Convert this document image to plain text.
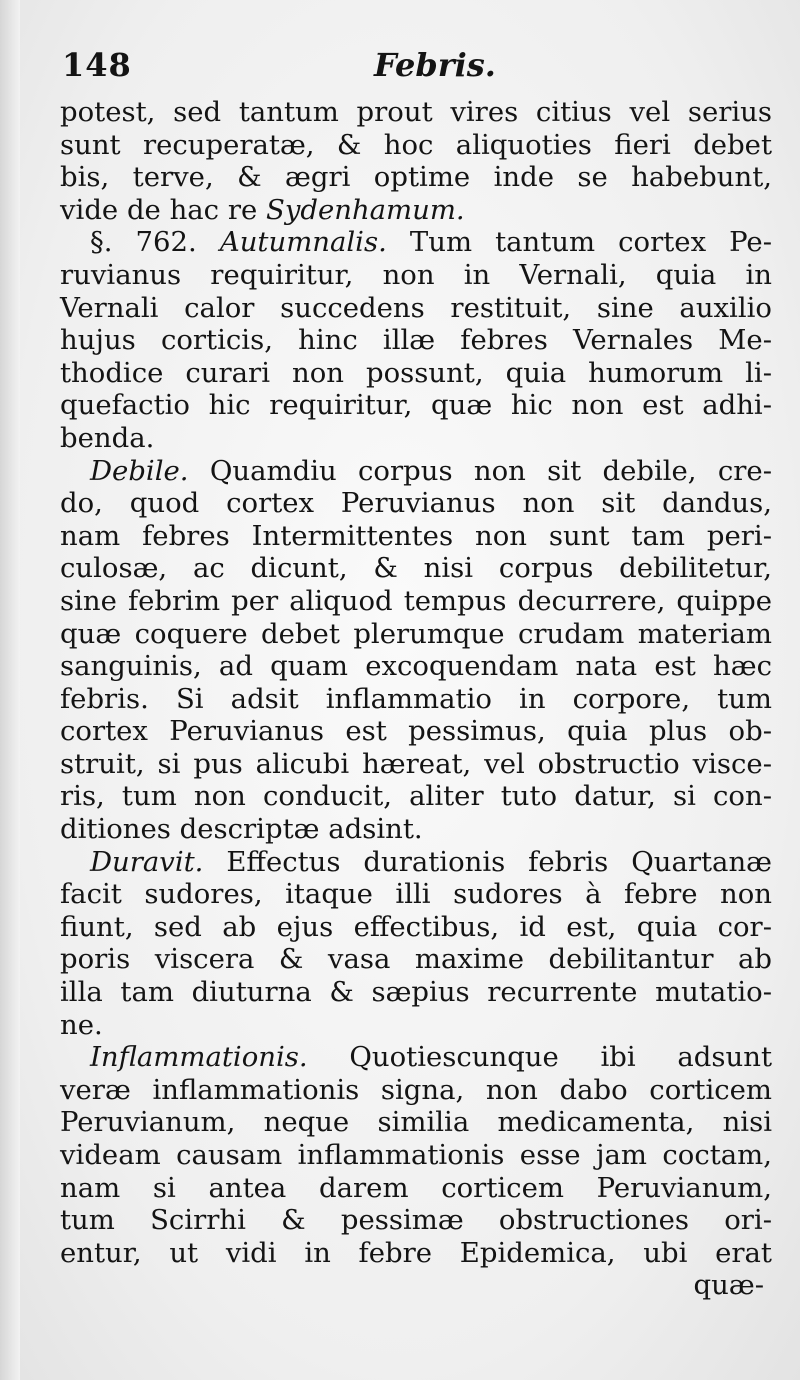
148	Febris.
potest, sed tantum prout vires citius vel serius
sunt recuperatæ, & hoc aliquoties fieri debet
bis, terve, & ægri optime inde se habebunt,
vide de hac re Sydenhamum.
§. 762. Autumnalis. Tum tantum cortex Pe-
ruvianus requiritur, non in Vernali, quia in
Vernali calor succedens restituit, sine auxilio
hujus corticis, hinc illæ febres Vernales Me-
thodice curari non possunt, quia humorum li-
quefactio hic requiritur, quæ hic non est adhi-
benda.
Debile. Quamdiu corpus non sit debile, cre-
do, quod cortex Peruvianus non sit dandus,
nam febres Intermittentes non sunt tam peri-
culosæ, ac dicunt, & nisi corpus debilitetur,
sine febrim per aliquod tempus decurrere, quippe
quæ coquere debet plerumque crudam materiam
sanguinis, ad quam excoquendam nata est hæc
febris. Si adsit inflammatio in corpore, tum
cortex Peruvianus est pessimus, quia plus ob-
struit, si pus alicubi hæreat, vel obstructio visce-
ris, tum non conducit, aliter tuto datur, si con-
ditiones descriptæ adsint.
Duravit. Effectus durationis febris Quartanæ
facit sudores, itaque illi sudores à febre non
fiunt, sed ab ejus effectibus, id est, quia cor-
poris viscera & vasa maxime debilitantur ab
illa tam diuturna & sæpius recurrente mutatio-
ne.
Inflammationis. Quotiescunque ibi adsunt
veræ inflammationis signa, non dabo corticem
Peruvianum, neque similia medicamenta, nisi
videam causam inflammationis esse jam coctam,
nam si antea darem corticem Peruvianum,
tum Scirrhi & pessimæ obstructiones ori-
entur, ut vidi in febre Epidemica, ubi erat
quæ-
